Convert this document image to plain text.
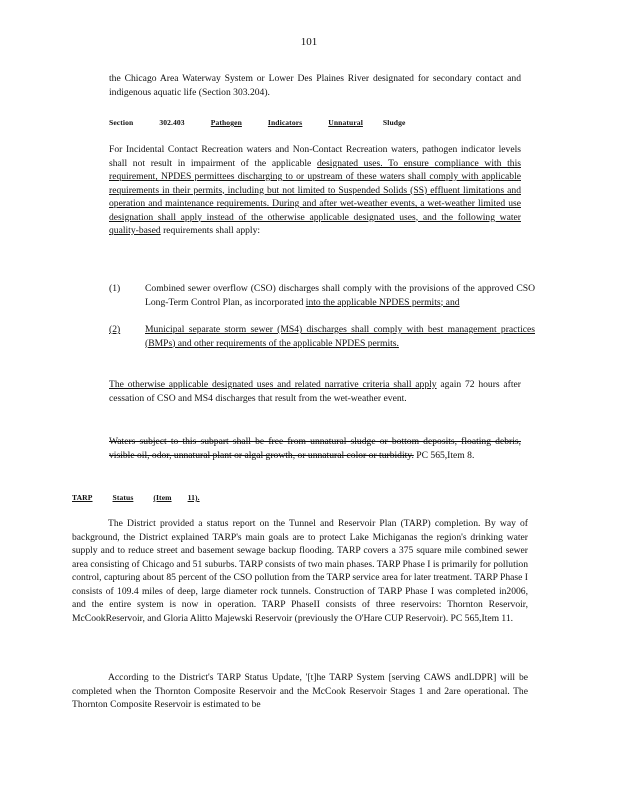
101
the Chicago Area Waterway System or Lower Des Plaines River designated for secondary contact and indigenous aquatic life (Section 303.204).
Section	302.403	Pathogen	Indicators	Unnatural	Sludge
For Incidental Contact Recreation waters and Non-Contact Recreation waters, pathogen indicator levels shall not result in impairment of the applicable designated uses. To ensure compliance with this requirement, NPDES permittees discharging to or upstream of these waters shall comply with applicable requirements in their permits, including but not limited to Suspended Solids (SS) effluent limitations and operation and maintenance requirements. During and after wet-weather events, a wet-weather limited use designation shall apply instead of the otherwise applicable designated uses, and the following water quality-based requirements shall apply:
(1)	Combined sewer overflow (CSO) discharges shall comply with the provisions of the approved CSO Long-Term Control Plan, as incorporated into the applicable NPDES permits; and
(2)	Municipal separate storm sewer (MS4) discharges shall comply with best management practices (BMPs) and other requirements of the applicable NPDES permits.
The otherwise applicable designated uses and related narrative criteria shall apply again 72 hours after cessation of CSO and MS4 discharges that result from the wet-weather event.
Waters subject to this subpart shall be free from unnatural sludge or bottom deposits, floating debris, visible oil, odor, unnatural plant or algal growth, or unnatural color or turbidity. PC 565,Item 8.
TARP	Status	(Item 11).
The District provided a status report on the Tunnel and Reservoir Plan (TARP) completion. By way of background, the District explained TARP's main goals are to protect Lake Michiganas the region's drinking water supply and to reduce street and basement sewage backup flooding. TARP covers a 375 square mile combined sewer area consisting of Chicago and 51 suburbs. TARP consists of two main phases. TARP Phase I is primarily for pollution control, capturing about 85 percent of the CSO pollution from the TARP service area for later treatment. TARP Phase I consists of 109.4 miles of deep, large diameter rock tunnels. Construction of TARP Phase I was completed in2006, and the entire system is now in operation. TARP PhaseII consists of three reservoirs: Thornton Reservoir, McCookReservoir, and Gloria Alitto Majewski Reservoir (previously the O'Hare CUP Reservoir). PC 565,Item 11.
According to the District's TARP Status Update, '[t]he TARP System [serving CAWS andLDPR] will be completed when the Thornton Composite Reservoir and the McCook Reservoir Stages 1 and 2are operational. The Thornton Composite Reservoir is estimated to be
